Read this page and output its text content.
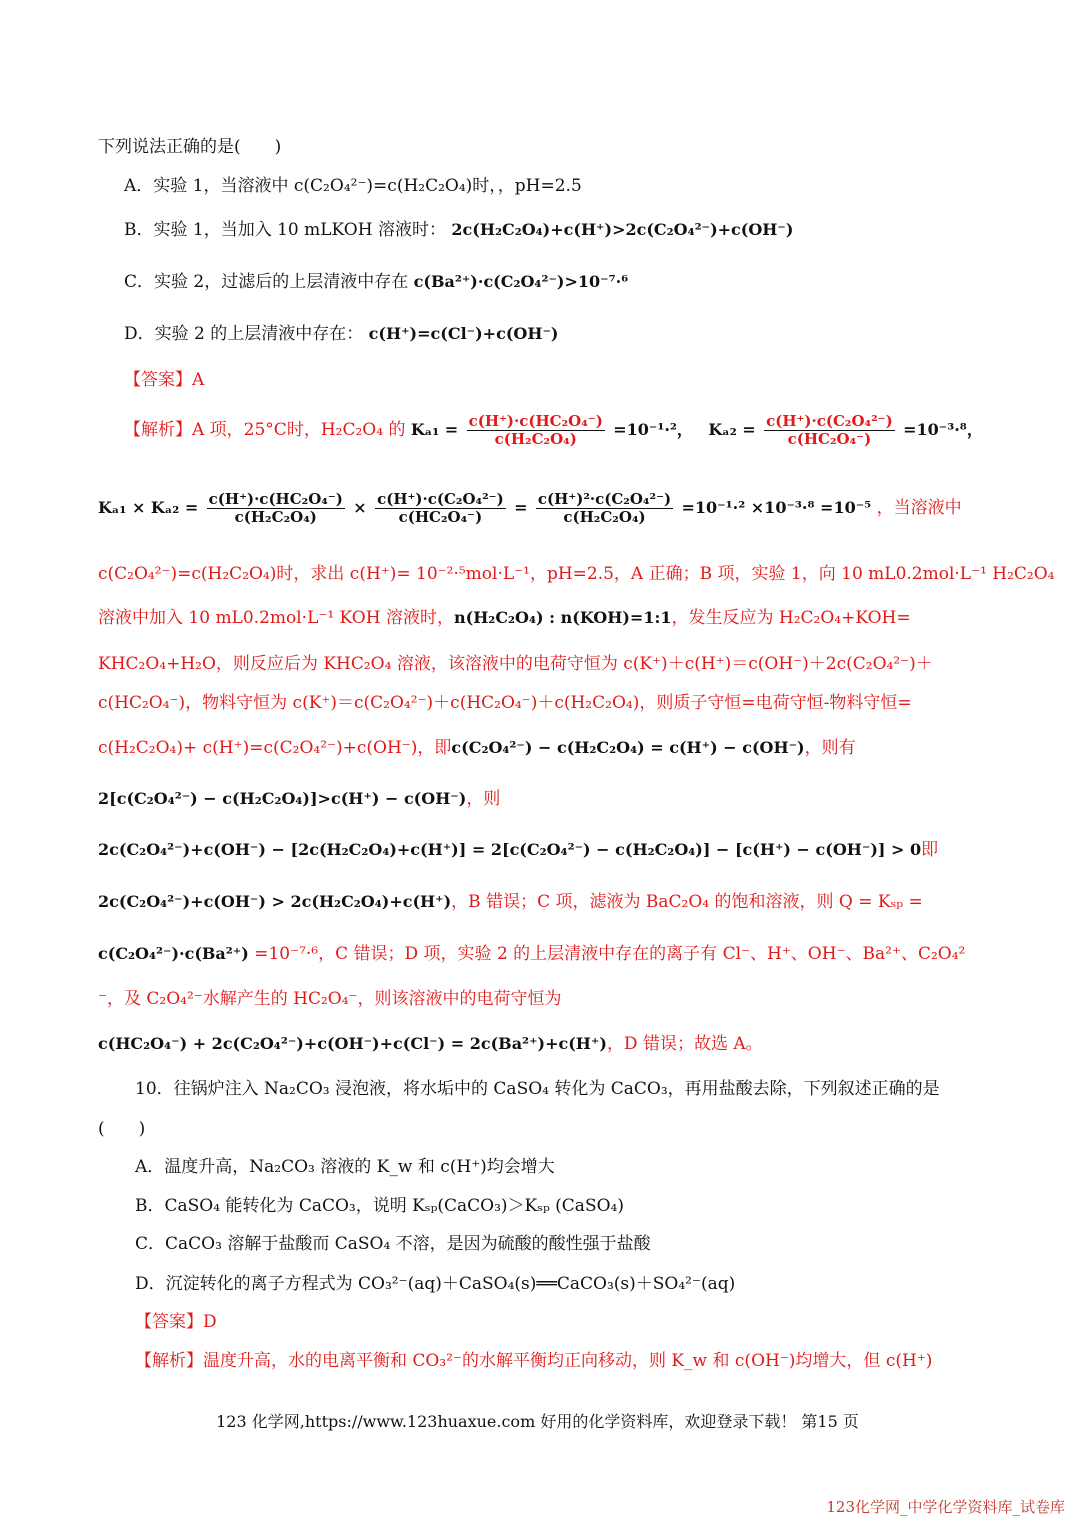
下列说法正确的是(　　)
A．实验 1，当溶液中 c(C₂O₄²⁻)=c(H₂C₂O₄)时，，pH=2.5
B．实验 1，当加入 10 mLKOH 溶液时： 2c(H₂C₂O₄)+c(H⁺)>2c(C₂O₄²⁻)+c(OH⁻)
C．实验 2，过滤后的上层清液中存在 c(Ba²⁺)·c(C₂O₄²⁻)>10⁻⁷·⁶
D．实验 2 的上层清液中存在： c(H⁺)=c(Cl⁻)+c(OH⁻)
【答案】A
【解析】A 项，25°C时，H₂C₂O₄ 的 $K_{a1} = \frac{\text{c(H⁺)·c(HC₂O₄⁻)}}{\text{c(H₂C₂O₄)}} =10^{-1}\cdot^2$， $K_{a2} = \frac{\text{c(H⁺)·c(C₂O₄²⁻)}}{\text{c(HC₂O₄⁻)}} =10^{-3}\cdot^8$，
$K_{a1} \times K_{a2} = \frac{\text{c(H⁺)·c(HC₂O₄⁻)}}{\text{c(H₂C₂O₄)}} \times \frac{\text{c(H⁺)·c(C₂O₄²⁻)}}{\text{c(HC₂O₄⁻)}} = \frac{\text{c(H⁺)²·c(C₂O₄²⁻)}}{\text{c(H₂C₂O₄)}} =10^{-1}\cdot^2 \times 10^{-3}\cdot^8 =10^{-5}$ ，当溶液中
c(C₂O₄²⁻)=c(H₂C₂O₄)时，求出 c(H⁺)= 10⁻²·⁵mol·L⁻¹，pH=2.5，A 正确；B 项，实验 1，向 10 mL0.2mol·L⁻¹ H₂C₂O₄
溶液中加入 10 mL0.2mol·L⁻¹ KOH 溶液时，n(H₂C₂O₄) : n(KOH)=1:1，发生反应为 H₂C₂O₄+KOH=
KHC₂O₄+H₂O，则反应后为 KHC₂O₄ 溶液，该溶液中的电荷守恒为 c(K⁺)＋c(H⁺)＝c(OH⁻)＋2c(C₂O₄²⁻)＋
c(HC₂O₄⁻)，物料守恒为 c(K⁺)＝c(C₂O₄²⁻)＋c(HC₂O₄⁻)＋c(H₂C₂O₄)，则质子守恒=电荷守恒-物料守恒=
c(H₂C₂O₄)+ c(H⁺)=c(C₂O₄²⁻)+c(OH⁻)，即c(C₂O₄²⁻) − c(H₂C₂O₄) = c(H⁺) − c(OH⁻)，则有
2[c(C₂O₄²⁻) − c(H₂C₂O₄)]>c(H⁺) − c(OH⁻)，则
2c(C₂O₄²⁻)+c(OH⁻) − [2c(H₂C₂O₄)+c(H⁺)] = 2[c(C₂O₄²⁻) − c(H₂C₂O₄)] − [c(H⁺) − c(OH⁻)] > 0即
2c(C₂O₄²⁻)+c(OH⁻) > 2c(H₂C₂O₄)+c(H⁺)，B 错误；C 项，滤液为 BaC₂O₄ 的饱和溶液，则 Q = Kₛₚ =
c(C₂O₄²⁻)·c(Ba²⁺) =10⁻⁷·⁶，C 错误；D 项，实验 2 的上层清液中存在的离子有 Cl⁻、H⁺、OH⁻、Ba²⁺、C₂O₄²
⁻，及 C₂O₄²⁻水解产生的 HC₂O₄⁻，则该溶液中的电荷守恒为
c(HC₂O₄⁻) + 2c(C₂O₄²⁻)+c(OH⁻)+c(Cl⁻) = 2c(Ba²⁺)+c(H⁺)，D 错误；故选 A。
10．往锅炉注入 Na₂CO₃ 浸泡液，将水垢中的 CaSO₄ 转化为 CaCO₃，再用盐酸去除，下列叙述正确的是
(　　)
A．温度升高，Na₂CO₃ 溶液的 K_w 和 c(H⁺)均会增大
B．CaSO₄ 能转化为 CaCO₃，说明 Kₛₚ(CaCO₃)＞Kₛₚ (CaSO₄)
C．CaCO₃ 溶解于盐酸而 CaSO₄ 不溶，是因为硫酸的酸性强于盐酸
D．沉淀转化的离子方程式为 CO₃²⁻(aq)＋CaSO₄(s)══CaCO₃(s)＋SO₄²⁻(aq)
【答案】D
【解析】温度升高，水的电离平衡和 CO₃²⁻的水解平衡均正向移动，则 K_w 和 c(OH⁻)均增大，但 c(H⁺)
123 化学网,https://www.123huaxue.com 好用的化学资料库，欢迎登录下载！ 第15 页
123化学网_中学化学资料库_试卷库
